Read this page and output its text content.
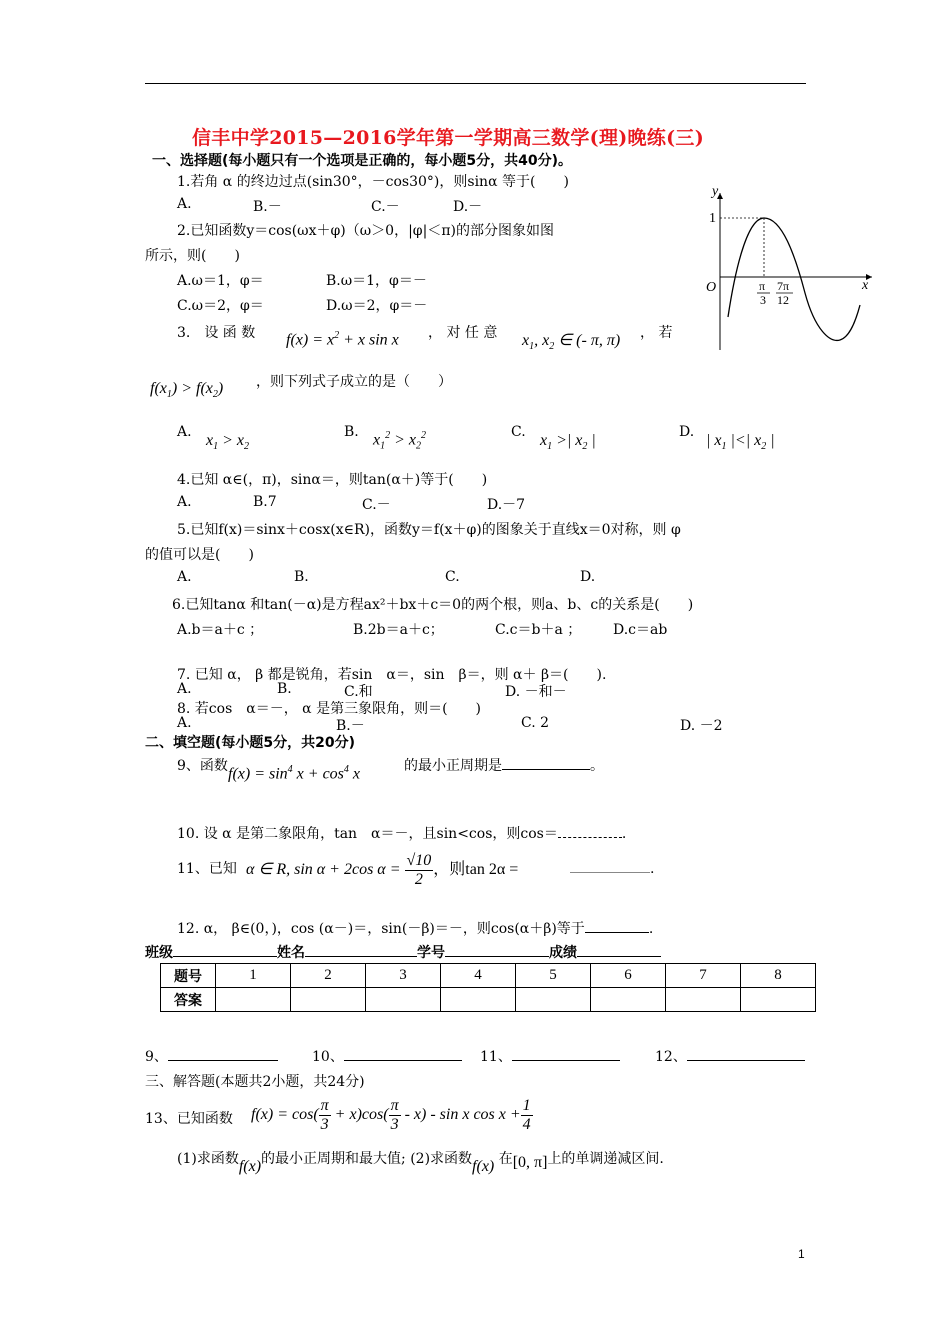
信丰中学2015—2016学年第一学期高三数学(理)晚练(三)
一、选择题(每小题只有一个选项是正确的，每小题5分，共40分)。
1.若角 α 的终边过点(sin30°，－cos30°)，则sinα 等于(　　)
A.	B.－	C.－	D.－
2.已知函数y＝cos(ωx＋φ)（ω＞0，|φ|＜π)的部分图象如图
所示，则(　　)
A.ω＝1，φ＝	B.ω＝1，φ＝－
C.ω＝2，φ＝	D.ω＝2，φ＝－
y
1
O	x
π
3
7π
12
3.　设 函 数 $f(x) = x^2 + x$ sin x ， 对 任 意 $x_1$, $x_2$ ∈ (- π, π) ， 若
$f(x_1) > f(x_2)$ ，则下列式子成立的是（　　）
A. $x_1 > x_2$
B. $x_1^2 > x_2^2$	C. $x_1$ >| $x_2$ |	D. | $x_1$ |<| $x_2$ |
4.已知 α∈(，π)，sinα＝，则tan(α＋)等于(　　)
A.	B.7	C.－	D.－7
5.已知f(x)＝sinx＋cosx(x∈R)，函数y＝f(x＋φ)的图象关于直线x＝0对称，则 φ
的值可以是(　　)
A.	B.	C.	D.
6.已知tanα 和tan(－α)是方程ax²＋bx＋c＝0的两个根，则a、b、c的关系是(　　)
A.b＝a＋c ；	B.2b＝a＋c；	C.c＝b＋a ； D.c＝ab
7. 已知 α， β 都是锐角，若sin　α＝，sin　β＝，则 α＋ β＝(　　).
A.	B.	C.和	D. －和－
8. 若cos　α＝－， α 是第三象限角，则＝(　　)
A.	B.－	C. 2	D. －2
二、填空题(每小题5分，共20分)
9、函数 $f(x) = \sin^4 x + \cos^4 x$	的最小正周期是	。
10. 设 α 是第二象限角，tan　α＝－，且sin<cos，则cos＝	.
11、已知 α ∈ R, sin α + 2cos $\alpha = \frac{√10}{2}$ ，则tan 2α =	.
12. α， β∈(0，)，cos (α－)＝，sin(－β)＝－，则cos(α＋β)等于	.
班级	姓名	学号	成绩
题号	1	2	3	4	5	6	7	8
答案								
9、	10、	11、	12、
三、解答题(本题共2小题，共24分)
13、已知函数 $f(x) = \cos( \frac{\pi}{3} + x)\cos( \frac{\pi}{3} - x) - \sin x$ $\cos x + \frac{1}{4}$
(1)求函数f(x)的最小正周期和最大值; (2)求函数f(x) 在[0, π]上的单调递减区间.
1
